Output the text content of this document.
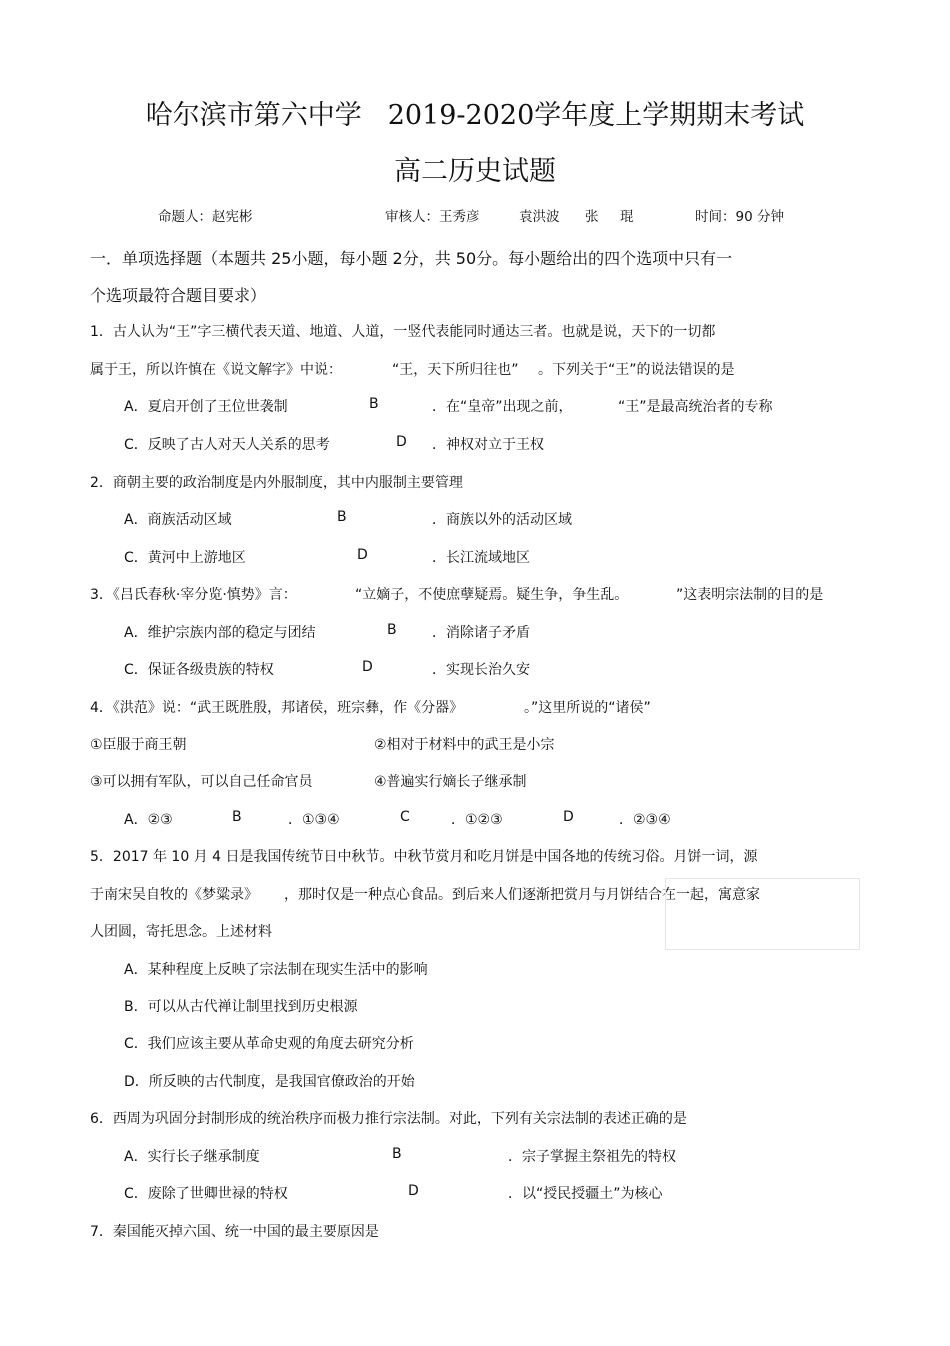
哈尔滨市第六中学 2019-2020学年度上学期期末考试
高二历史试题
命题人：赵宪彬	审核人：王秀彦	袁洪波 张 琨	时间：90 分钟
一．单项选择题（本题共 25小题，每小题 2分，共 50分。每小题给出的四个选项中只有一
个选项最符合题目要求）
1．古人认为“王”字三横代表天道、地道、人道，一竖代表能同时通达三者。也就是说，天下的一切都
属于王，所以许慎在《说文解字》中说：	“王，天下所归往也” 。下列关于“王”的说法错误的是
A．夏启开创了王位世袭制	B	．在“皇帝”出现之前，	“王”是最高统治者的专称
C．反映了古人对天人关系的思考	D ．神权对立于王权
2．商朝主要的政治制度是内外服制度，其中内服制主要管理
A．商族活动区域	B	．商族以外的活动区域
C．黄河中上游地区	D	．长江流域地区
3．《吕氏春秋·宰分览·慎势》言：	“立嫡子，不使庶孽疑焉。疑生争，争生乱。	”这表明宗法制的目的是
A．维护宗族内部的稳定与团结	B	．消除诸子矛盾
C．保证各级贵族的特权	D	．实现长治久安
4．《洪范》说：“武王既胜殷，邦诸侯，班宗彝，作《分器》	。”这里所说的“诸侯”
①臣服于商王朝	②相对于材料中的武王是小宗
③可以拥有军队，可以自己任命官员	④普遍实行嫡长子继承制
A．②③	B	．①③④	C	．①②③	D	．②③④
5．2017 年 10 月 4 日是我国传统节日中秋节。中秋节赏月和吃月饼是中国各地的传统习俗。月饼一词，源
于南宋吴自牧的《梦粱录》 ，那时仅是一种点心食品。到后来人们逐渐把赏月与月饼结合在一起，寓意家
人团圆，寄托思念。上述材料
A．某种程度上反映了宗法制在现实生活中的影响
B．可以从古代禅让制里找到历史根源
C．我们应该主要从革命史观的角度去研究分析
D．所反映的古代制度，是我国官僚政治的开始
6．西周为巩固分封制形成的统治秩序而极力推行宗法制。对此，下列有关宗法制的表述正确的是
A．实行长子继承制度	B	．宗子掌握主祭祖先的特权
C．废除了世卿世禄的特权	D	．以“授民授疆土”为核心
7．秦国能灭掉六国、统一中国的最主要原因是
